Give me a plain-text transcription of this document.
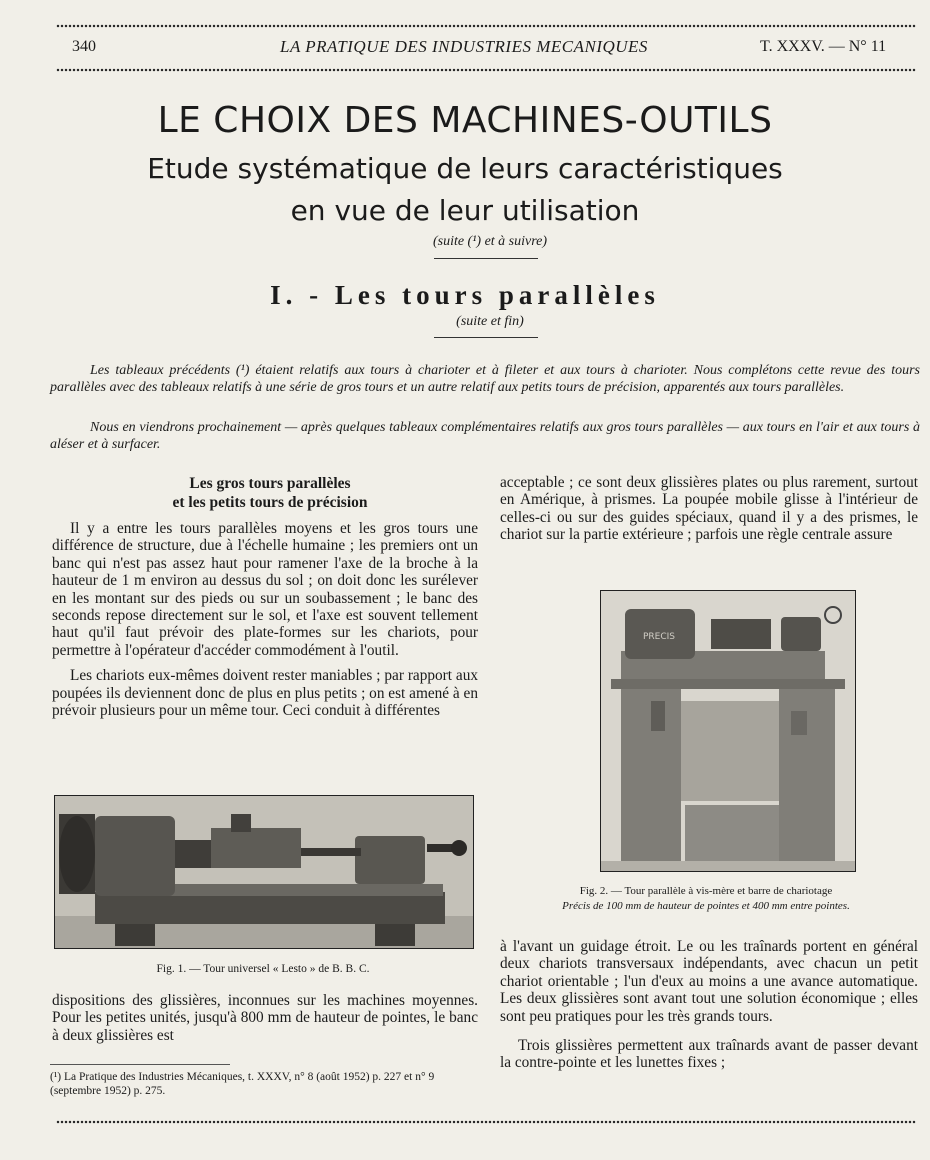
340	LA PRATIQUE DES INDUSTRIES MECANIQUES	T. XXXV. — N° 11
LE CHOIX DES MACHINES-OUTILS
Etude systématique de leurs caractéristiques
en vue de leur utilisation
(suite (¹) et à suivre)
I. - Les tours parallèles
(suite et fin)
Les tableaux précédents (¹) étaient relatifs aux tours à charioter et à fileter et aux tours à charioter. Nous complétons cette revue des tours parallèles avec des tableaux relatifs à une série de gros tours et un autre relatif aux petits tours de précision, apparentés aux tours parallèles.
Nous en viendrons prochainement — après quelques tableaux complémentaires relatifs aux gros tours parallèles — aux tours en l'air et aux tours à aléser et à surfacer.
Les gros tours parallèles
et les petits tours de précision

Il y a entre les tours parallèles moyens et les gros tours une différence de structure, due à l'échelle humaine ; les premiers ont un banc qui n'est pas assez haut pour ramener l'axe de la broche à la hauteur de 1 m environ au dessus du sol ; on doit donc les surélever en les montant sur des pieds ou sur un soubassement ; le banc des seconds repose directement sur le sol, et l'axe est souvent tellement haut qu'il faut prévoir des plate-formes sur les chariots, pour permettre à l'opérateur d'accéder commodément à l'outil.

Les chariots eux-mêmes doivent rester maniables ; par rapport aux poupées ils deviennent donc de plus en plus petits ; on est amené à en prévoir plusieurs pour un même tour. Ceci conduit à différentes

Fig. 1. — Tour universel « Lesto » de B. B. C.

dispositions des glissières, inconnues sur les machines moyennes. Pour les petites unités, jusqu'à 800 mm de hauteur de pointes, le banc à deux glissières est

(¹) La Pratique des Industries Mécaniques, t. XXXV, n° 8 (août 1952) p. 227 et n° 9 (septembre 1952) p. 275.

acceptable ; ce sont deux glissières plates ou plus rarement, surtout en Amérique, à prismes. La poupée mobile glisse à l'intérieur de celles-ci ou sur des guides spéciaux, quand il y a des prismes, le chariot sur la partie extérieure ; parfois une règle centrale assure

PRECIS
Fig. 2. — Tour parallèle à vis-mère et barre de chariotage
Précis de 100 mm de hauteur de pointes et 400 mm entre pointes.

à l'avant un guidage étroit. Le ou les traînards portent en général deux chariots transversaux indépendants, avec chacun un petit chariot orientable ; l'un d'eux au moins a une avance automatique. Les deux glissières sont avant tout une solution économique ; elles sont peu pratiques pour les très grands tours.

Trois glissières permettent aux traînards avant de passer devant la contre-pointe et les lunettes fixes ;
